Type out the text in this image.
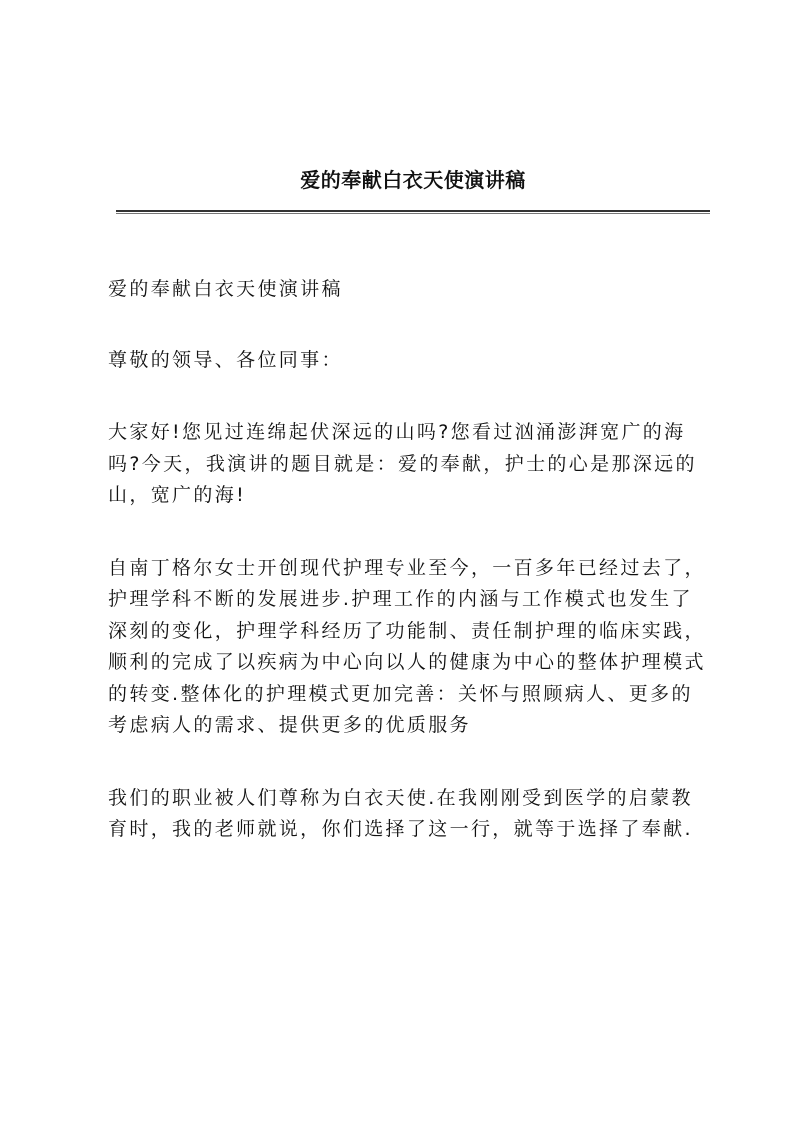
爱的奉献白衣天使演讲稿

爱的奉献白衣天使演讲稿

尊敬的领导、各位同事：

大家好!您见过连绵起伏深远的山吗?您看过汹涌澎湃宽广的海
吗?今天，我演讲的题目就是：爱的奉献，护士的心是那深远的
山，宽广的海!

自南丁格尔女士开创现代护理专业至今，一百多年已经过去了，
护理学科不断的发展进步.护理工作的内涵与工作模式也发生了
深刻的变化，护理学科经历了功能制、责任制护理的临床实践，
顺利的完成了以疾病为中心向以人的健康为中心的整体护理模式
的转变.整体化的护理模式更加完善：关怀与照顾病人、更多的
考虑病人的需求、提供更多的优质服务

我们的职业被人们尊称为白衣天使.在我刚刚受到医学的启蒙教
育时，我的老师就说，你们选择了这一行，就等于选择了奉献.
